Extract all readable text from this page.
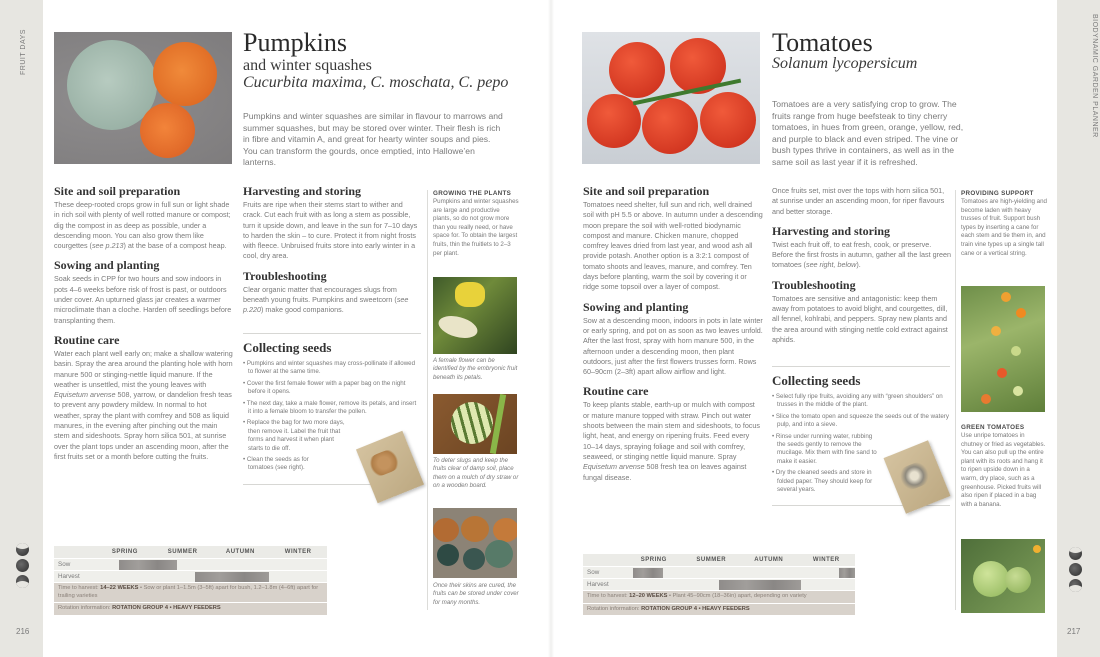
FRUIT DAYS
216	217
Pumpkins
and winter squashes
Cucurbita maxima, C. moschata, C. pepo
Pumpkins and winter squashes are similar in flavour to marrows and summer squashes, but may be stored over winter. Their flesh is rich in fibre and vitamin A, and great for hearty winter soups and pies. You can transform the gourds, once emptied, into Hallowe’en lanterns.
Site and soil preparation

These deep-rooted crops grow in full sun or light shade in rich soil with plenty of well rotted manure or compost; dig the compost in as deep as possible, under a descending moon. You can also grow them like courgettes (see p.213) at the base of a compost heap.

Sowing and planting

Soak seeds in CPP for two hours and sow indoors in pots 4–6 weeks before risk of frost is past, or outdoors under cover. An upturned glass jar creates a warmer microclimate than a cloche. Harden off seedlings before transplanting them.

Routine care

Water each plant well early on; make a shallow watering basin. Spray the area around the planting hole with horn manure 500 or stinging-nettle liquid manure. If the weather is unsettled, mist the young leaves with Equisetum arvense 508, yarrow, or dandelion fresh teas to prevent any powdery mildew. In normal to hot weather, spray the plant with comfrey and 508 as liquid manures, in the evening after pinching out the main stem and sideshoots. Spray horn silica 501, at sunrise over the plant tops under an ascending moon, after the first fruits set or a month before cutting the fruits.

Harvesting and storing

Fruits are ripe when their stems start to wither and crack. Cut each fruit with as long a stem as possible, turn it upside down, and leave in the sun for 7–10 days to harden the skin – to cure. Protect it from night frosts with fleece. Unbruised fruits store into early winter in a cool, dry area.

Troubleshooting

Clear organic matter that encourages slugs from beneath young fruits. Pumpkins and sweetcorn (see p.220) make good companions.

Collecting seeds
• Pumpkins and winter squashes may cross-pollinate if allowed to flower at the same time.
• Cover the first female flower with a paper bag on the night before it opens.
• The next day, take a male flower, remove its petals, and insert it into a female bloom to transfer the pollen.
• Replace the bag for two more days, then remove it. Label the fruit that forms and harvest it when plant starts to die off.
• Clean the seeds as for tomatoes (see right).
GROWING THE PLANTS

Pumpkins and winter squashes are large and productive plants, so do not grow more than you really need, or have space for. To obtain the largest fruits, thin the fruitlets to 2–3 per plant.

A female flower can be identified by the embryonic fruit beneath its petals.
To deter slugs and keep the fruits clear of damp soil, place them on a mulch of dry straw or on a wooden board.
Once their skins are cured, the fruits can be stored under cover for many months.
SPRING	SUMMER	AUTUMN	WINTER
Sow
Harvest
Time to harvest: 14–22 WEEKS • Sow or plant 1–1.5m (3–5ft) apart for bush, 1.2–1.8m (4–6ft) apart for trailing varieties
Rotation information: ROTATION GROUP 4 • HEAVY FEEDERS
Tomatoes
Solanum lycopersicum
Tomatoes are a very satisfying crop to grow. The fruits range from huge beefsteak to tiny cherry tomatoes, in hues from green, orange, yellow, red, and purple to black and even striped. The vine or bush types thrive in containers, as well as in the same soil as last year if it is refreshed.
Site and soil preparation

Tomatoes need shelter, full sun and rich, well drained soil with pH 5.5 or above. In autumn under a descending moon prepare the soil with well-rotted biodynamic compost and manure. Chicken manure, chopped comfrey leaves dried from last year, and wood ash all provide potash. Another option is a 3:2:1 compost of tomato shoots and leaves, manure, and comfrey. Ten days before planting, warm the soil by covering it or ridge some topsoil over a layer of compost.

Sowing and planting

Sow at a descending moon, indoors in pots in late winter or early spring, and pot on as soon as two leaves unfold. After the last frost, spray with horn manure 500, in the afternoon under a descending moon, then plant outdoors, just after the first flowers trusses form. Rows 60–90cm (2–3ft) apart allow airflow and light.

Routine care

To keep plants stable, earth-up or mulch with compost or mature manure topped with straw. Pinch out water shoots between the main stem and sideshoots, to focus light, heat, and energy on ripening fruits. Feed every 10–14 days, spraying foliage and soil with comfrey, seaweed, or stinging nettle liquid manure. Spray Equisetum arvense 508 fresh tea on leaves against fungal disease.

Once fruits set, mist over the tops with horn silica 501, at sunrise under an ascending moon, for riper flavours and better storage.

Harvesting and storing

Twist each fruit off, to eat fresh, cook, or preserve. Before the first frosts in autumn, gather all the last green tomatoes (see right, below).

Troubleshooting

Tomatoes are sensitive and antagonistic: keep them away from potatoes to avoid blight, and courgettes, dill, all fennel, kohlrabi, and peppers. Spray new plants and the area around with stinging nettle cold extract against aphids.

Collecting seeds
• Select fully ripe fruits, avoiding any with “green shoulders” on trusses in the middle of the plant.
• Slice the tomato open and squeeze the seeds out of the watery pulp, and into a sieve.
• Rinse under running water, rubbing the seeds gently to remove the mucilage. Mix them with fine sand to make it easier.
• Dry the cleaned seeds and store in folded paper. They should keep for several years.
PROVIDING SUPPORT

Tomatoes are high-yielding and become laden with heavy trusses of fruit. Support bush types by inserting a cane for each stem and tie them in, and train vine types up a single tall cane or a vertical string.

GREEN TOMATOES

Use unripe tomatoes in chutney or fried as vegetables. You can also pull up the entire plant with its roots and hang it to ripen upside down in a warm, dry place, such as a greenhouse. Picked fruits will also ripen if placed in a bag with a banana.

SPRING	SUMMER	AUTUMN	WINTER
Sow
Harvest
Time to harvest: 12–20 WEEKS • Plant 45–90cm (18–36in) apart, depending on variety
Rotation information: ROTATION GROUP 4 • HEAVY FEEDERS
